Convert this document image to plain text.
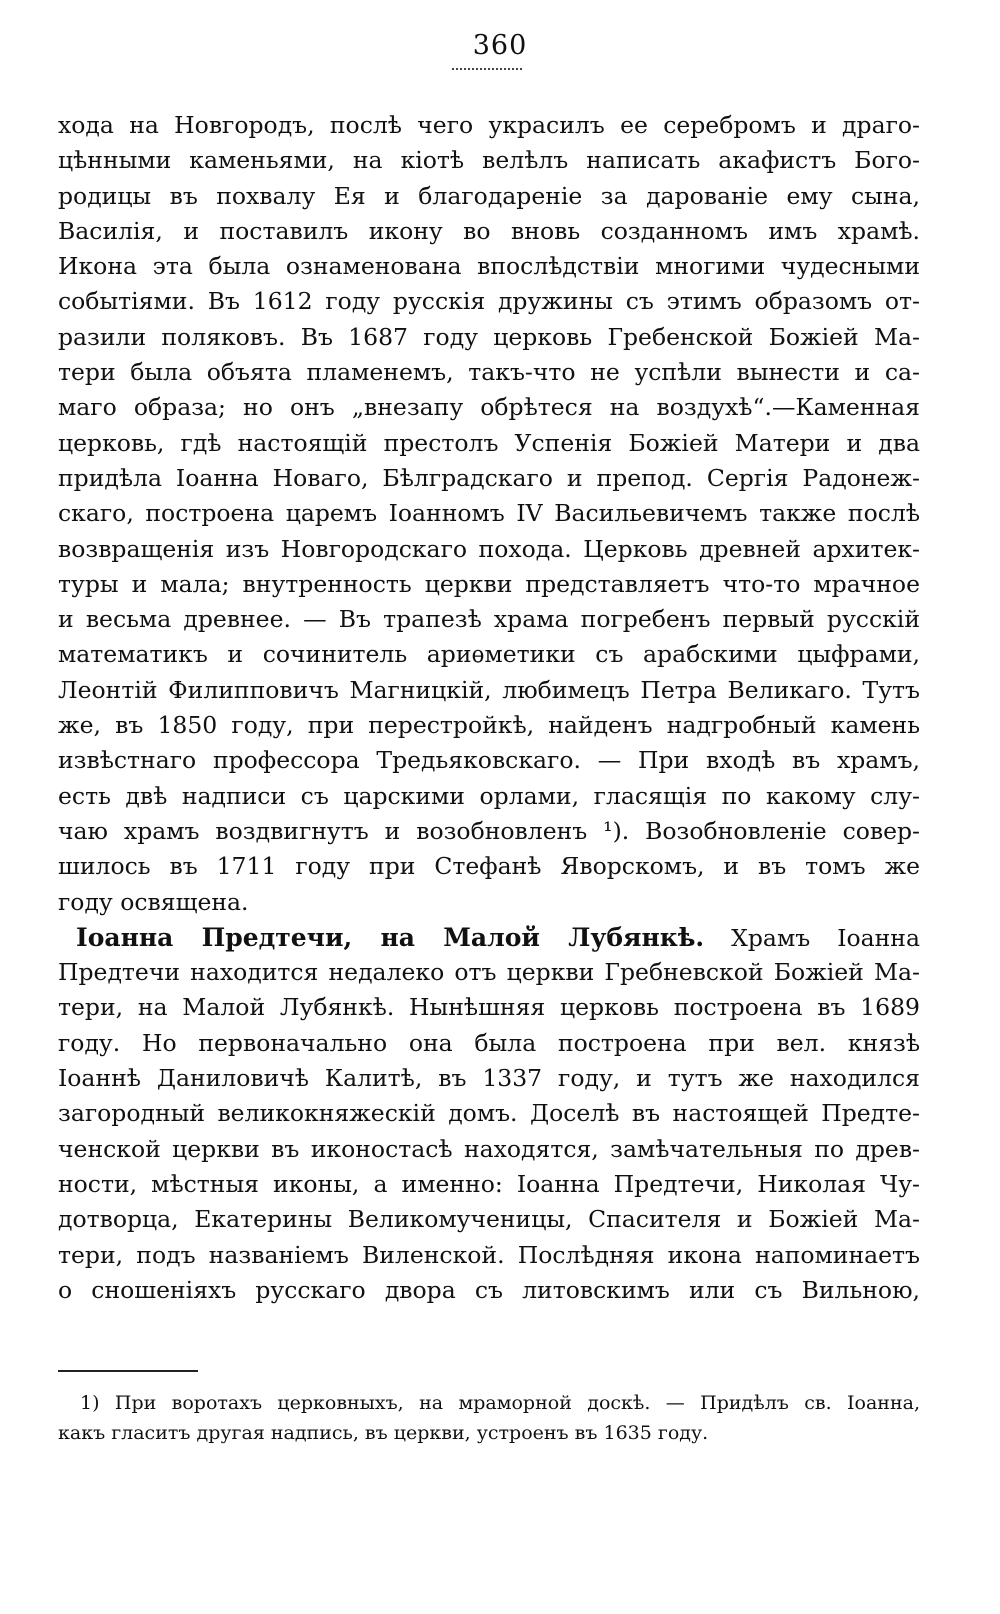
360
хода на Новгородъ, послѣ чего украсилъ ее серебромъ и драго-
цѣнными каменьями, на кіотѣ велѣлъ написать акафистъ Бого-
родицы въ похвалу Ея и благодареніе за дарованіе ему сына,
Василія, и поставилъ икону во вновь созданномъ имъ храмѣ.
Икона эта была ознаменована впослѣдствіи многими чудесными
событіями. Въ 1612 году русскія дружины съ этимъ образомъ от-
разили поляковъ. Въ 1687 году церковь Гребенской Божіей Ма-
тери была объята пламенемъ, такъ-что не успѣли вынести и са-
маго образа; но онъ „внезапу обрѣтеся на воздухѣ“.—Каменная
церковь, гдѣ настоящій престолъ Успенія Божіей Матери и два
придѣла Іоанна Новаго, Бѣлградскаго и препод. Сергія Радонеж-
скаго, построена царемъ Іоанномъ IV Васильевичемъ также послѣ
возвращенія изъ Новгородскаго похода. Церковь древней архитек-
туры и мала; внутренность церкви представляетъ что-то мрачное
и весьма древнее. — Въ трапезѣ храма погребенъ первый русскій
математикъ и сочинитель ариѳметики съ арабскими цыфрами,
Леонтій Филипповичъ Магницкій, любимецъ Петра Великаго. Тутъ
же, въ 1850 году, при перестройкѣ, найденъ надгробный камень
извѣстнаго профессора Тредьяковскаго. — При входѣ въ храмъ,
есть двѣ надписи съ царскими орлами, гласящія по какому слу-
чаю храмъ воздвигнутъ и возобновленъ ¹). Возобновленіе совер-
шилось въ 1711 году при Стефанѣ Яворскомъ, и въ томъ же
году освящена.
Іоанна Предтечи, на Малой Лубянкѣ. Храмъ Іоанна
Предтечи находится недалеко отъ церкви Гребневской Божіей Ма-
тери, на Малой Лубянкѣ. Нынѣшняя церковь построена въ 1689
году. Но первоначально она была построена при вел. князѣ
Іоаннѣ Даниловичѣ Калитѣ, въ 1337 году, и тутъ же находился
загородный великокняжескій домъ. Доселѣ въ настоящей Предте-
ченской церкви въ иконостасѣ находятся, замѣчательныя по древ-
ности, мѣстныя иконы, а именно: Іоанна Предтечи, Николая Чу-
дотворца, Екатерины Великомученицы, Спасителя и Божіей Ма-
тери, подъ названіемъ Виленской. Послѣдняя икона напоминаетъ
о сношеніяхъ русскаго двора съ литовскимъ или съ Вильною,
1) При воротахъ церковныхъ, на мраморной доскѣ. — Придѣлъ св. Іоанна,
какъ гласитъ другая надпись, въ церкви, устроенъ въ 1635 году.
